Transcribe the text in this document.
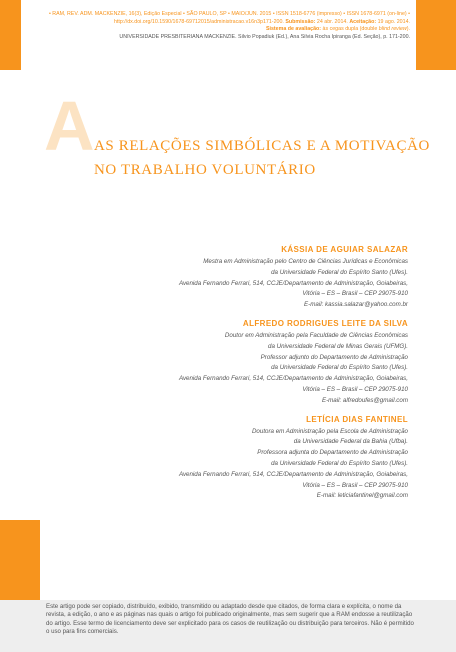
• RAM, REV. ADM. MACKENZIE, 16(3), Edição Especial • SÃO PAULO, SP • MAIO/JUN. 2015 • ISSN 1518-6776 (impresso) • ISSN 1678-6971 (on-line) •
http://dx.doi.org/10.1590/1678-69712015/administracao.v16n3p171-200. Submissão: 24 abr. 2014. Aceitação: 19 ago. 2014.
Sistema de avaliação: às cegas dupla (double blind review).
UNIVERSIDADE PRESBITERIANA MACKENZIE. Silvio Popadiuk (Ed.), Ana Silvia Rocha Ipiranga (Ed. Seção), p. 171-200.
A AS RELAÇÕES SIMBÓLICAS E A MOTIVAÇÃO
NO TRABALHO VOLUNTÁRIO
KÁSSIA DE AGUIAR SALAZAR
Mestra em Administração pelo Centro de Ciências Jurídicas e Econômicas
da Universidade Federal do Espírito Santo (Ufes).
Avenida Fernando Ferrari, 514, CCJE/Departamento de Administração, Goiabeiras,
Vitória – ES – Brasil – CEP 29075-910
E-mail: kassia.salazar@yahoo.com.br
ALFREDO RODRIGUES LEITE DA SILVA
Doutor em Administração pela Faculdade de Ciências Econômicas
da Universidade Federal de Minas Gerais (UFMG).
Professor adjunto do Departamento de Administração
da Universidade Federal do Espírito Santo (Ufes).
Avenida Fernando Ferrari, 514, CCJE/Departamento de Administração, Goiabeiras,
Vitória – ES – Brasil – CEP 29075-910
E-mail: alfredoufes@gmail.com
LETÍCIA DIAS FANTINEL
Doutora em Administração pela Escola de Administração
da Universidade Federal da Bahia (Ufba).
Professora adjunta do Departamento de Administração
da Universidade Federal do Espírito Santo (Ufes).
Avenida Fernando Ferrari, 514, CCJE/Departamento de Administração, Goiabeiras,
Vitória – ES – Brasil – CEP 29075-910
E-mail: leticiafantinel@gmail.com
Este artigo pode ser copiado, distribuído, exibido, transmitido ou adaptado desde que citados, de forma clara e explícita, o nome da revista, a edição, o ano e as páginas nas quais o artigo foi publicado originalmente, mas sem sugerir que a RAM endosse a reutilização do artigo. Esse termo de licenciamento deve ser explicitado para os casos de reutilização ou distribuição para terceiros. Não é permitido o uso para fins comerciais.
